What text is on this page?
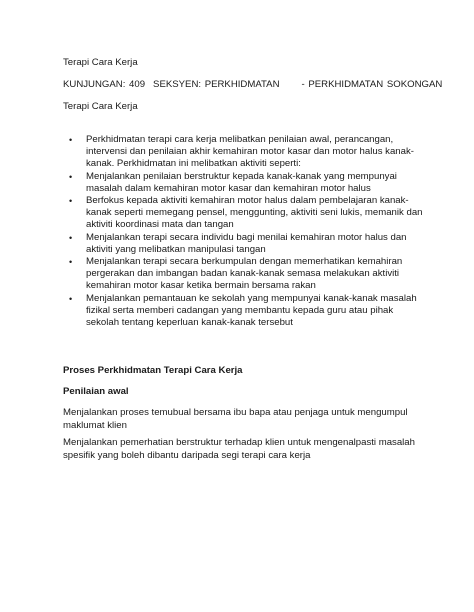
Terapi Cara Kerja

KUNJUNGAN: 409 SEKSYEN: PERKHIDMATAN - PERKHIDMATAN SOKONGAN

Terapi Cara Kerja

• Perkhidmatan terapi cara kerja melibatkan penilaian awal, perancangan, intervensi dan penilaian akhir kemahiran motor kasar dan motor halus kanak-kanak. Perkhidmatan ini melibatkan aktiviti seperti:
• Menjalankan penilaian berstruktur kepada kanak-kanak yang mempunyai masalah dalam kemahiran motor kasar dan kemahiran motor halus
• Berfokus kepada aktiviti kemahiran motor halus dalam pembelajaran kanak-kanak seperti memegang pensel, menggunting, aktiviti seni lukis, memanik dan aktiviti koordinasi mata dan tangan
• Menjalankan terapi secara individu bagi menilai kemahiran motor halus dan aktiviti yang melibatkan manipulasi tangan
• Menjalankan terapi secara berkumpulan dengan memerhatikan kemahiran pergerakan dan imbangan badan kanak-kanak semasa melakukan aktiviti kemahiran motor kasar ketika bermain bersama rakan
• Menjalankan pemantauan ke sekolah yang mempunyai kanak-kanak masalah fizikal serta memberi cadangan yang membantu kepada guru atau pihak sekolah tentang keperluan kanak-kanak tersebut

Proses Perkhidmatan Terapi Cara Kerja

Penilaian awal

Menjalankan proses temubual bersama ibu bapa atau penjaga untuk mengumpul maklumat klien

Menjalankan pemerhatian berstruktur terhadap klien untuk mengenalpasti masalah spesifik yang boleh dibantu daripada segi terapi cara kerja
